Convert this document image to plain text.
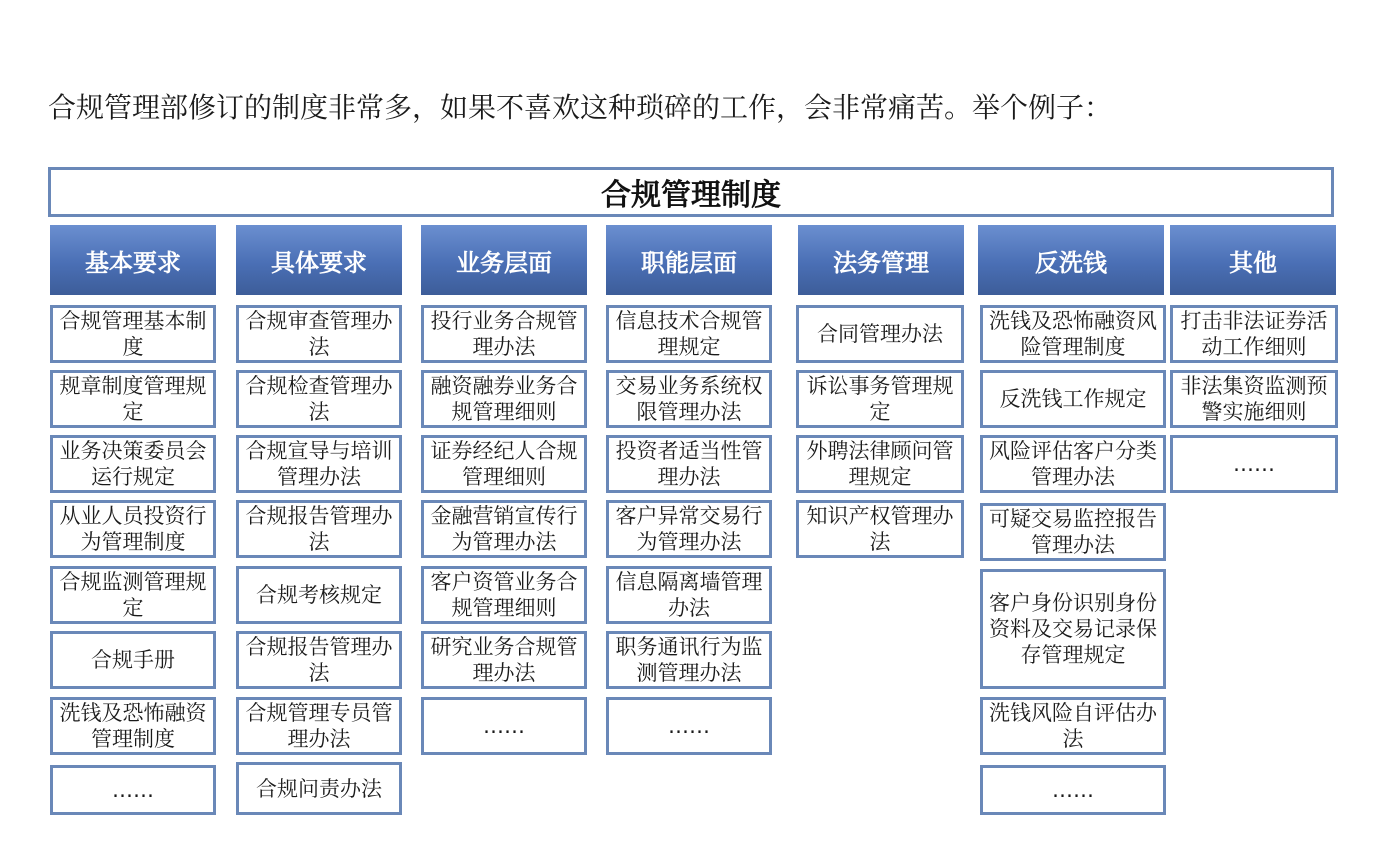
合规管理部修订的制度非常多，如果不喜欢这种琐碎的工作，会非常痛苦。举个例子：
合规管理制度
基本要求	具体要求	业务层面	职能层面	法务管理	反洗钱	其他
合规管理基本制度
规章制度管理规定
业务决策委员会运行规定
从业人员投资行为管理制度
合规监测管理规定
合规手册
洗钱及恐怖融资管理制度
……
合规审查管理办法
合规检查管理办法
合规宣导与培训管理办法
合规报告管理办法
合规考核规定
合规报告管理办法
合规管理专员管理办法
合规问责办法
投行业务合规管理办法
融资融券业务合规管理细则
证券经纪人合规管理细则
金融营销宣传行为管理办法
客户资管业务合规管理细则
研究业务合规管理办法
……
信息技术合规管理规定
交易业务系统权限管理办法
投资者适当性管理办法
客户异常交易行为管理办法
信息隔离墙管理办法
职务通讯行为监测管理办法
……
合同管理办法
诉讼事务管理规定
外聘法律顾问管理规定
知识产权管理办法
洗钱及恐怖融资风险管理制度
反洗钱工作规定
风险评估客户分类管理办法
可疑交易监控报告管理办法
客户身份识别身份资料及交易记录保存管理规定
洗钱风险自评估办法
……
打击非法证券活动工作细则
非法集资监测预警实施细则
……
